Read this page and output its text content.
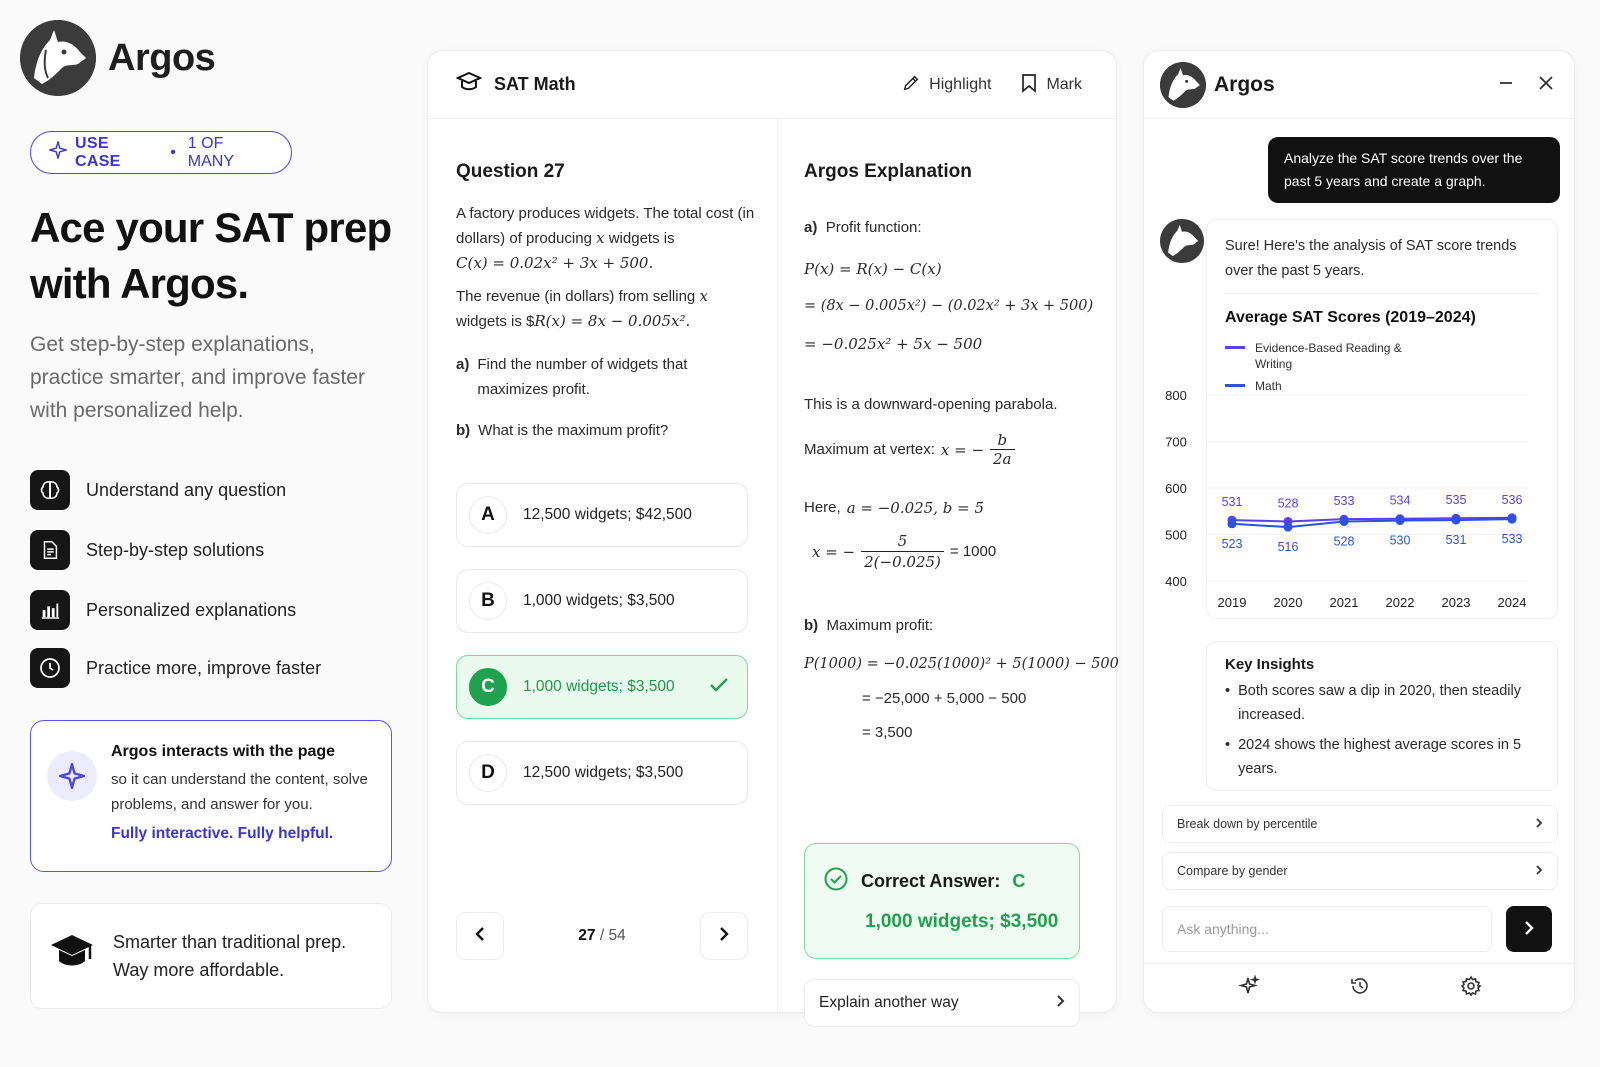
Argos
USE CASE
•
1 OF MANY
Ace your SAT prep with Argos.
Get step-by-step explanations, practice smarter, and improve faster with personalized help.
Understand any question
Step-by-step solutions
Personalized explanations
Practice more, improve faster
Argos interacts with the page
so it can understand the content, solve problems, and answer for you.
Fully interactive. Fully helpful.
Smarter than traditional prep.
Way more affordable.
SAT Math	Highlight	Mark
Question 27
A factory produces widgets. The total cost (in dollars) of producing x widgets is
C(x) = 0.02x² + 3x + 500.
The revenue (in dollars) from selling x widgets is $R(x) = 8x − 0.005x².
a) Find the number of widgets that maximizes profit.
b) What is the maximum profit?
A	12,500 widgets; $42,500
B	1,000 widgets; $3,500
C	1,000 widgets; $3,500
D	12,500 widgets; $3,500
27 / 54
Argos Explanation
a) Profit function:
P(x) = R(x) − C(x)
= (8x − 0.005x²) − (0.02x² + 3x + 500)
= −0.025x² + 5x − 500
This is a downward-opening parabola.
Maximum at vertex: x = − $\frac{b}{2a}$
Here, a = −0.025, b = 5
x = − $\frac{5}{2(-0.025)} = 1000$
b) Maximum profit:
P(1000) = −0.025(1000)² + 5(1000) − 500
= −25,000 + 5,000 − 500
= 3,500
Correct Answer: C
1,000 widgets; $3,500
Explain another way
Argos
Analyze the SAT score trends over the past 5 years and create a graph.
Sure! Here's the analysis of SAT score trends over the past 5 years.
Average SAT Scores (2019–2024)
Evidence-Based Reading & Writing
Math
800
700
600
500
400
2019 2020 2021 2022 2023 2024
531	528	533	534	535	536
523	516	528	530	531	533
Key Insights
• Both scores saw a dip in 2020, then steadily increased.
• 2024 shows the highest average scores in 5 years.
Break down by percentile
Compare by gender
Ask anything...
